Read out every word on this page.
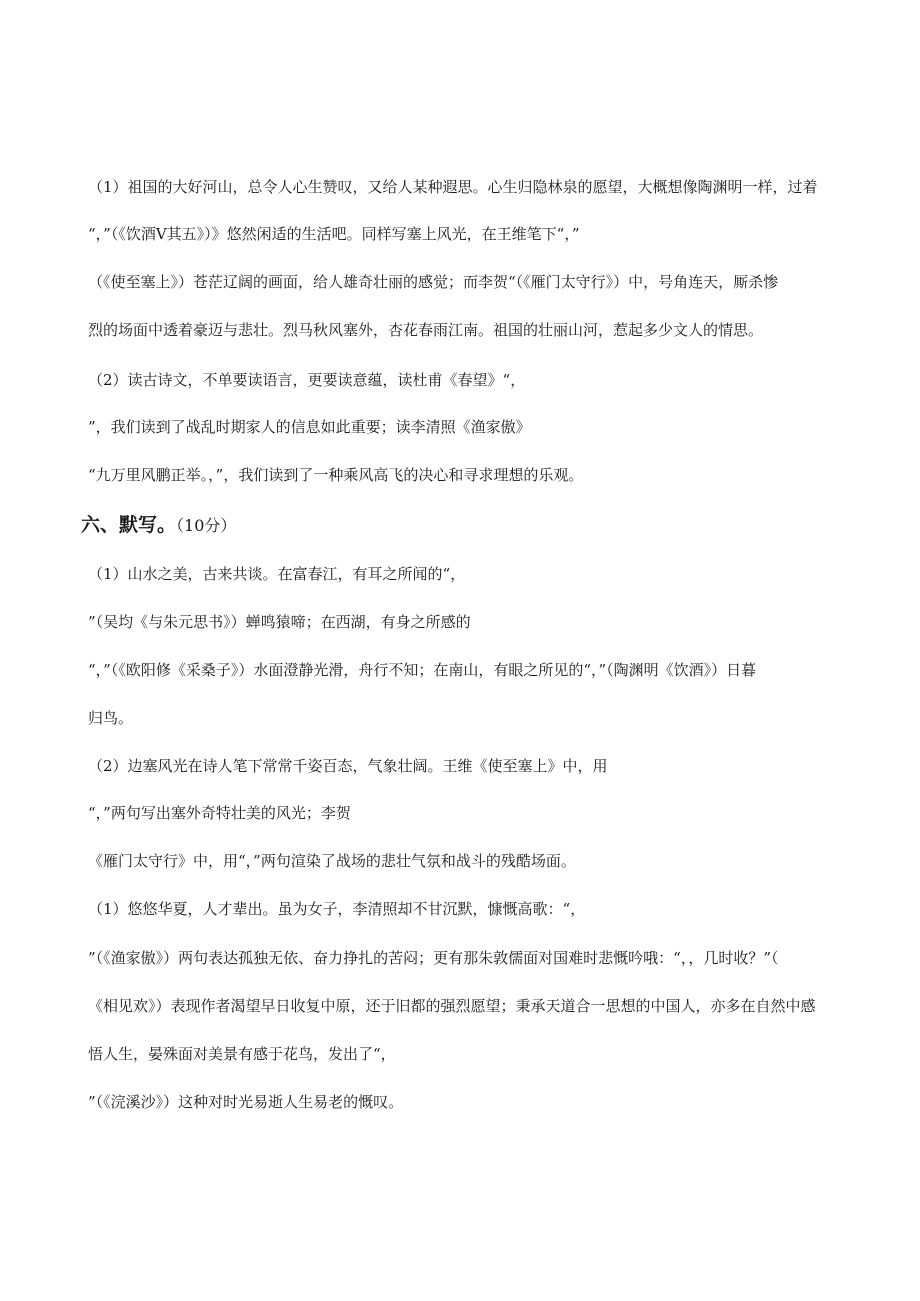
（1）祖国的大好河山，总令人心生赞叹，又给人某种遐思。心生归隐林泉的愿望，大概想像陶渊明一样，过着
“，”（《饮酒Ⅴ其五》）》悠然闲适的生活吧。同样写塞上风光，在王维笔下“，”
（《使至塞上》）苍茫辽阔的画面，给人雄奇壮丽的感觉；而李贺“（《雁门太守行》）中，号角连天，厮杀惨
烈的场面中透着豪迈与悲壮。烈马秋风塞外，杏花春雨江南。祖国的壮丽山河，惹起多少文人的情思。
（2）读古诗文，不单要读语言，更要读意蕴，读杜甫《春望》“，
”，我们读到了战乱时期家人的信息如此重要；读李清照《渔家傲》
“九万里风鹏正举。，”，我们读到了一种乘风高飞的决心和寻求理想的乐观。
六、默写。（10分）
（1）山水之美，古来共谈。在富春江，有耳之所闻的“，
”（吴均《与朱元思书》）蝉鸣猿啼；在西湖，有身之所感的
“，”（《欧阳修《采桑子》）水面澄静光滑，舟行不知；在南山，有眼之所见的“，”（陶渊明《饮酒》）日暮
归鸟。
（2）边塞风光在诗人笔下常常千姿百态，气象壮阔。王维《使至塞上》中，用
“，”两句写出塞外奇特壮美的风光；李贺
《雁门太守行》中，用“，”两句渲染了战场的悲壮气氛和战斗的残酷场面。
（1）悠悠华夏，人才辈出。虽为女子，李清照却不甘沉默，慷慨高歌：“，
”（《渔家傲》）两句表达孤独无依、奋力挣扎的苦闷；更有那朱敦儒面对国难时悲慨吟哦：“，，几时收？”（
《相见欢》）表现作者渴望早日收复中原，还于旧都的强烈愿望；秉承天道合一思想的中国人，亦多在自然中感
悟人生，晏殊面对美景有感于花鸟，发出了“，
”（《浣溪沙》）这种对时光易逝人生易老的慨叹。
